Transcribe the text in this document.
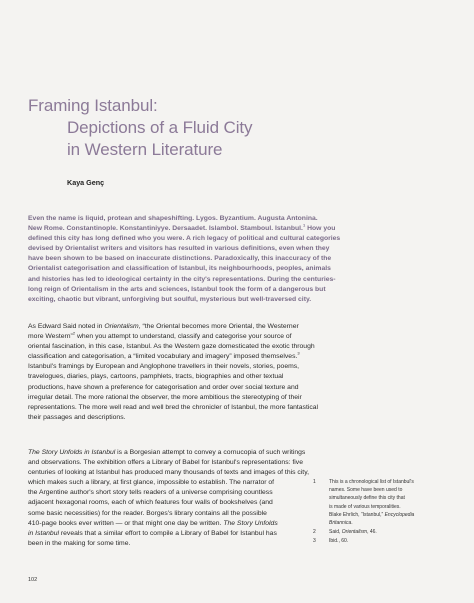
Framing Istanbul:
Depictions of a Fluid City
in Western Literature
Kaya Genç
Even the name is liquid, protean and shapeshifting. Lygos. Byzantium. Augusta Antonina.
New Rome. Constantinople. Konstantiniyye. Dersaadet. Islambol. Stamboul. Istanbul.$^1$ How you
defined this city has long defined who you were. A rich legacy of political and cultural categories
devised by Orientalist writers and visitors has resulted in various definitions, even when they
have been shown to be based on inaccurate distinctions. Paradoxically, this inaccuracy of the
Orientalist categorisation and classification of Istanbul, its neighbourhoods, peoples, animals
and histories has led to ideological certainty in the city's representations. During the centuries-
long reign of Orientalism in the arts and sciences, Istanbul took the form of a dangerous but
exciting, chaotic but vibrant, unforgiving but soulful, mysterious but well-traversed city.
As Edward Said noted in Orientalism, “the Oriental becomes more Oriental, the Westerner
more Western”$^2$ when you attempt to understand, classify and categorise your source of
oriental fascination, in this case, Istanbul. As the Western gaze domesticated the exotic through
classification and categorisation, a “limited vocabulary and imagery” imposed themselves.$^3$
Istanbul's framings by European and Anglophone travellers in their novels, stories, poems,
travelogues, diaries, plays, cartoons, pamphlets, tracts, biographies and other textual
productions, have shown a preference for categorisation and order over social texture and
irregular detail. The more rational the observer, the more ambitious the stereotyping of their
representations. The more well read and well bred the chronicler of Istanbul, the more fantastical
their passages and descriptions.
The Story Unfolds in Istanbul is a Borgesian attempt to convey a cornucopia of such writings
and observations. The exhibition offers a Library of Babel for Istanbul's representations: five
centuries of looking at Istanbul has produced many thousands of texts and images of this city,
which makes such a library, at first glance, impossible to establish. The narrator of
the Argentine author's short story tells readers of a universe comprising countless
adjacent hexagonal rooms, each of which features four walls of bookshelves (and
some basic necessities) for the reader. Borges's library contains all the possible
410-page books ever written — or that might one day be written. The Story Unfolds
in Istanbul reveals that a similar effort to compile a Library of Babel for Istanbul has
been in the making for some time.
1	This is a chronological list of Istanbul's
names. Some have been used to
simultaneously define this city that
is made of various temporalities.
Blake Ehrlich, “Istanbul,” Encyclopedia
Britannica.
2	Said, Orientalism, 46.
3	Ibid., 60.
102
